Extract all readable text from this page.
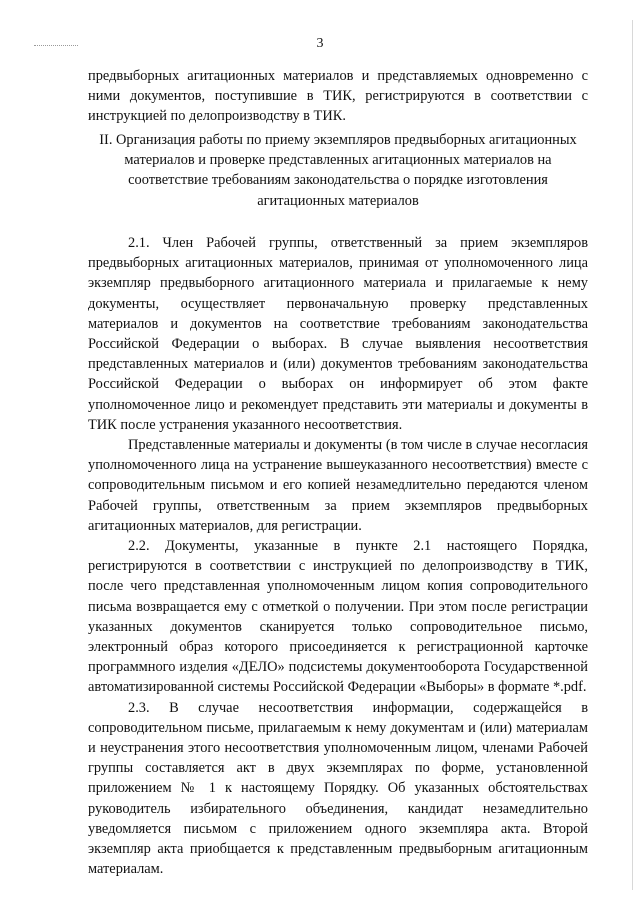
3

предвыборных агитационных материалов и представляемых одновременно с ними документов, поступившие в ТИК, регистрируются в соответствии с инструкцией по делопроизводству в ТИК.

II. Организация работы по приему экземпляров предвыборных агитационных материалов и проверке представленных агитационных материалов на соответствие требованиям законодательства о порядке изготовления агитационных материалов

2.1. Член Рабочей группы, ответственный за прием экземпляров предвыборных агитационных материалов, принимая от уполномоченного лица экземпляр предвыборного агитационного материала и прилагаемые к нему документы, осуществляет первоначальную проверку представленных материалов и документов на соответствие требованиям законодательства Российской Федерации о выборах. В случае выявления несоответствия представленных материалов и (или) документов требованиям законодательства Российской Федерации о выборах он информирует об этом факте уполномоченное лицо и рекомендует представить эти материалы и документы в ТИК после устранения указанного несоответствия.

Представленные материалы и документы (в том числе в случае несогласия уполномоченного лица на устранение вышеуказанного несоответствия) вместе с сопроводительным письмом и его копией незамедлительно передаются членом Рабочей группы, ответственным за прием экземпляров предвыборных агитационных материалов, для регистрации.

2.2. Документы, указанные в пункте 2.1 настоящего Порядка, регистрируются в соответствии с инструкцией по делопроизводству в ТИК, после чего представленная уполномоченным лицом копия сопроводительного письма возвращается ему с отметкой о получении. При этом после регистрации указанных документов сканируется только сопроводительное письмо, электронный образ которого присоединяется к регистрационной карточке программного изделия «ДЕЛО» подсистемы документооборота Государственной автоматизированной системы Российской Федерации «Выборы» в формате *.pdf.

2.3. В случае несоответствия информации, содержащейся в сопроводительном письме, прилагаемым к нему документам и (или) материалам и неустранения этого несоответствия уполномоченным лицом, членами Рабочей группы составляется акт в двух экземплярах по форме, установленной приложением № 1 к настоящему Порядку. Об указанных обстоятельствах руководитель избирательного объединения, кандидат незамедлительно уведомляется письмом с приложением одного экземпляра акта. Второй экземпляр акта приобщается к представленным предвыборным агитационным материалам.
